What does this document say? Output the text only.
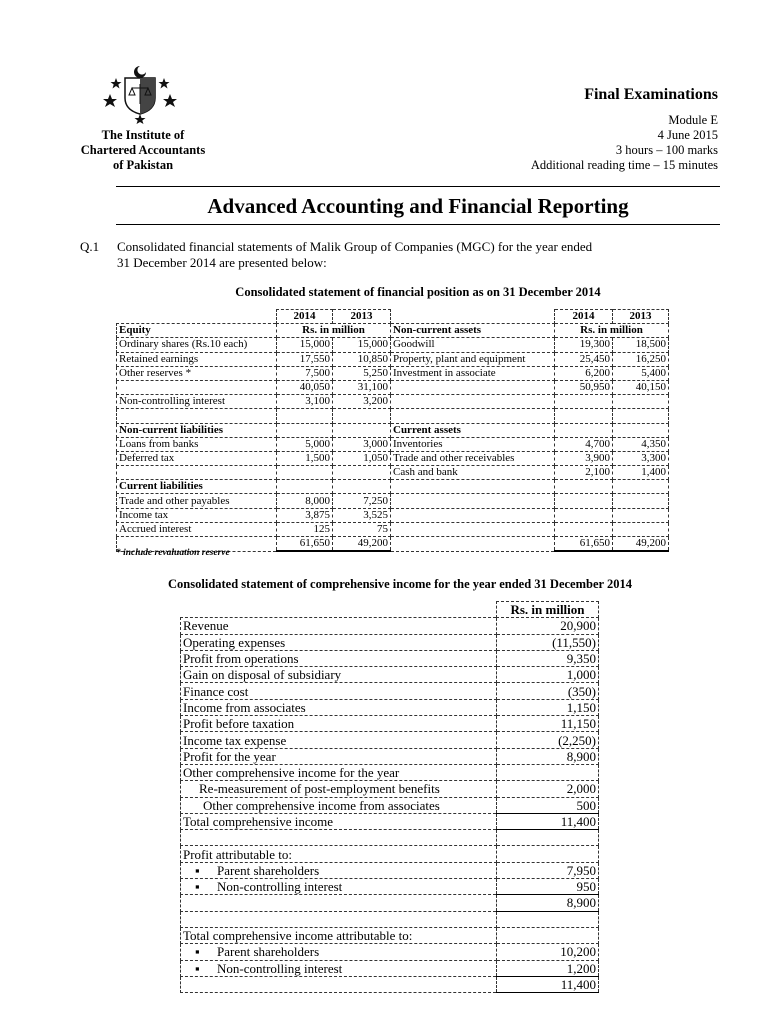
The Institute of
Chartered Accountants
of Pakistan
Final Examinations
Module E
4 June 2015
3 hours – 100 marks
Additional reading time – 15 minutes
Advanced Accounting and Financial Reporting
Q.1 Consolidated financial statements of Malik Group of Companies (MGC) for the year ended
31 December 2014 are presented below:
Consolidated statement of financial position as on 31 December 2014
	2014	2013		2014	2013
Equity	Rs. in million		Non-current assets	Rs. in million	
Ordinary shares (Rs.10 each)	15,000	15,000	Goodwill	19,300	18,500
Retained earnings	17,550	10,850	Property, plant and equipment	25,450	16,250
Other reserves *	7,500	5,250	Investment in associate	6,200	5,400
	40,050	31,100		50,950	40,150
Non-controlling interest	3,100	3,200			

Non-current liabilities			Current assets		
Loans from banks	5,000	3,000	Inventories	4,700	4,350
Deferred tax	1,500	1,050	Trade and other receivables	3,900	3,300
			Cash and bank	2,100	1,400
Current liabilities					
Trade and other payables	8,000	7,250			
Income tax	3,875	3,525			
Accrued interest	125	75			
	61,650	49,200		61,650	49,200
* include revaluation reserve
Consolidated statement of comprehensive income for the year ended 31 December 2014
	Rs. in million
Revenue	20,900
Operating expenses	(11,550)
Profit from operations	9,350
Gain on disposal of subsidiary	1,000
Finance cost	(350)
Income from associates	1,150
Profit before taxation	11,150
Income tax expense	(2,250)
Profit for the year	8,900
Other comprehensive income for the year	
Re-measurement of post-employment benefits	2,000
Other comprehensive income from associates	500
Total comprehensive income	11,400

Profit attributable to:	
▪ Parent shareholders	7,950
▪ Non-controlling interest	950
	8,900

Total comprehensive income attributable to:	
▪ Parent shareholders	10,200
▪ Non-controlling interest	1,200
	11,400
